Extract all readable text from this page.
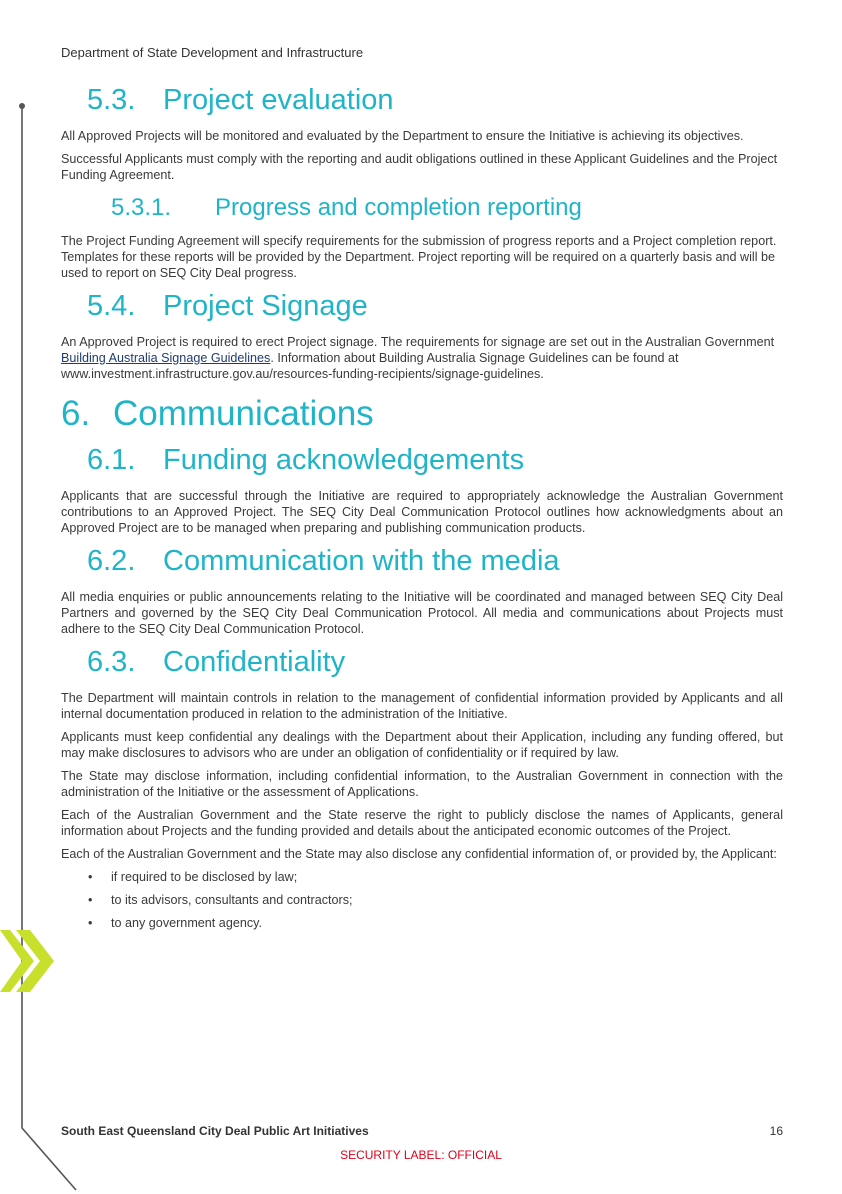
Department of State Development and Infrastructure
5.3. Project evaluation

All Approved Projects will be monitored and evaluated by the Department to ensure the Initiative is achieving its objectives.

Successful Applicants must comply with the reporting and audit obligations outlined in these Applicant Guidelines and the Project Funding Agreement.

5.3.1. Progress and completion reporting

The Project Funding Agreement will specify requirements for the submission of progress reports and a Project completion report. Templates for these reports will be provided by the Department. Project reporting will be required on a quarterly basis and will be used to report on SEQ City Deal progress.

5.4. Project Signage

An Approved Project is required to erect Project signage. The requirements for signage are set out in the Australian Government Building Australia Signage Guidelines. Information about Building Australia Signage Guidelines can be found at www.investment.infrastructure.gov.au/resources-funding-recipients/signage-guidelines.

6. Communications
6.1. Funding acknowledgements

Applicants that are successful through the Initiative are required to appropriately acknowledge the Australian Government contributions to an Approved Project. The SEQ City Deal Communication Protocol outlines how acknowledgments about an Approved Project are to be managed when preparing and publishing communication products.

6.2. Communication with the media

All media enquiries or public announcements relating to the Initiative will be coordinated and managed between SEQ City Deal Partners and governed by the SEQ City Deal Communication Protocol. All media and communications about Projects must adhere to the SEQ City Deal Communication Protocol.

6.3. Confidentiality

The Department will maintain controls in relation to the management of confidential information provided by Applicants and all internal documentation produced in relation to the administration of the Initiative.

Applicants must keep confidential any dealings with the Department about their Application, including any funding offered, but may make disclosures to advisors who are under an obligation of confidentiality or if required by law.

The State may disclose information, including confidential information, to the Australian Government in connection with the administration of the Initiative or the assessment of Applications.

Each of the Australian Government and the State reserve the right to publicly disclose the names of Applicants, general information about Projects and the funding provided and details about the anticipated economic outcomes of the Project.

Each of the Australian Government and the State may also disclose any confidential information of, or provided by, the Applicant:

• if required to be disclosed by law;
• to its advisors, consultants and contractors;
• to any government agency.
South East Queensland City Deal Public Art Initiatives	16
SECURITY LABEL: OFFICIAL
